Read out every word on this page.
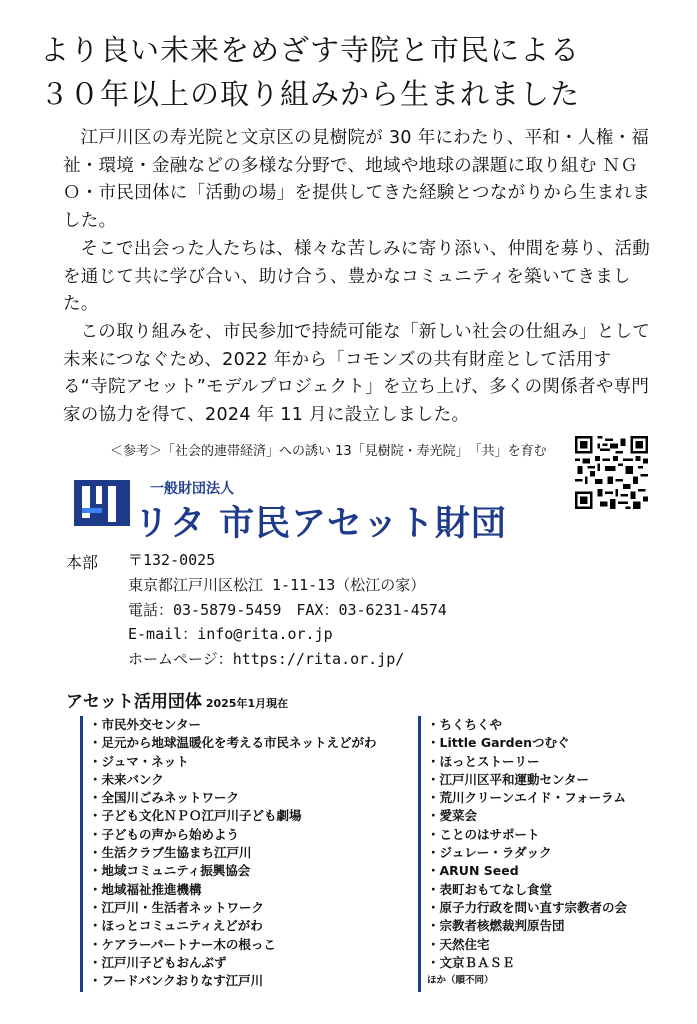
より良い未来をめざす寺院と市民による
３０年以上の取り組みから生まれました

江戸川区の寿光院と文京区の見樹院が 30 年にわたり、平和・人権・福祉・環境・金融などの多様な分野で、地域や地球の課題に取り組む ＮＧＯ・市民団体に「活動の場」を提供してきた経験とつながりから生まれました。

そこで出会った人たちは、様々な苦しみに寄り添い、仲間を募り、活動を通じて共に学び合い、助け合う、豊かなコミュニティを築いてきました。

この取り組みを、市民参加で持続可能な「新しい社会の仕組み」として未来につなぐため、2022 年から「コモンズの共有財産として活用する“寺院アセット”モデルプロジェクト」を立ち上げ、多くの関係者や専門家の協力を得て、2024 年 11 月に設立しました。

＜参考＞「社会的連帯経済」への誘い 13「見樹院・寿光院」　「共」を育む
一般財団法人
リタ 市民アセット財団
本部 〒132-0025
東京都江戸川区松江 1-11-13（松江の家）
電話：03-5879-5459　FAX：03-6231-4574
E-mail：info@rita.or.jp
ホームページ：https://rita.or.jp/
アセット活用団体 2025年1月現在
・市民外交センター
・足元から地球温暖化を考える市民ネットえどがわ
・ジュマ・ネット
・未来バンク
・全国川ごみネットワーク
・子ども文化ＮＰＯ江戸川子ども劇場
・子どもの声から始めよう
・生活クラブ生協まち江戸川
・地域コミュニティ振興協会
・地域福祉推進機構
・江戸川・生活者ネットワーク
・ほっとコミュニティえどがわ
・ケアラーパートナー木の根っこ
・江戸川子どもおんぶず
・フードバンクおりなす江戸川
・ちくちくや
・Little Gardenつむぐ
・ほっとストーリー
・江戸川区平和運動センター
・荒川クリーンエイド・フォーラム
・愛菜会
・ことのはサポート
・ジュレー・ラダック
・ARUN Seed
・表町おもてなし食堂
・原子力行政を問い直す宗教者の会
・宗教者核燃裁判原告団
・天然住宅
・文京ＢＡＳＥ
ほか（順不同）
